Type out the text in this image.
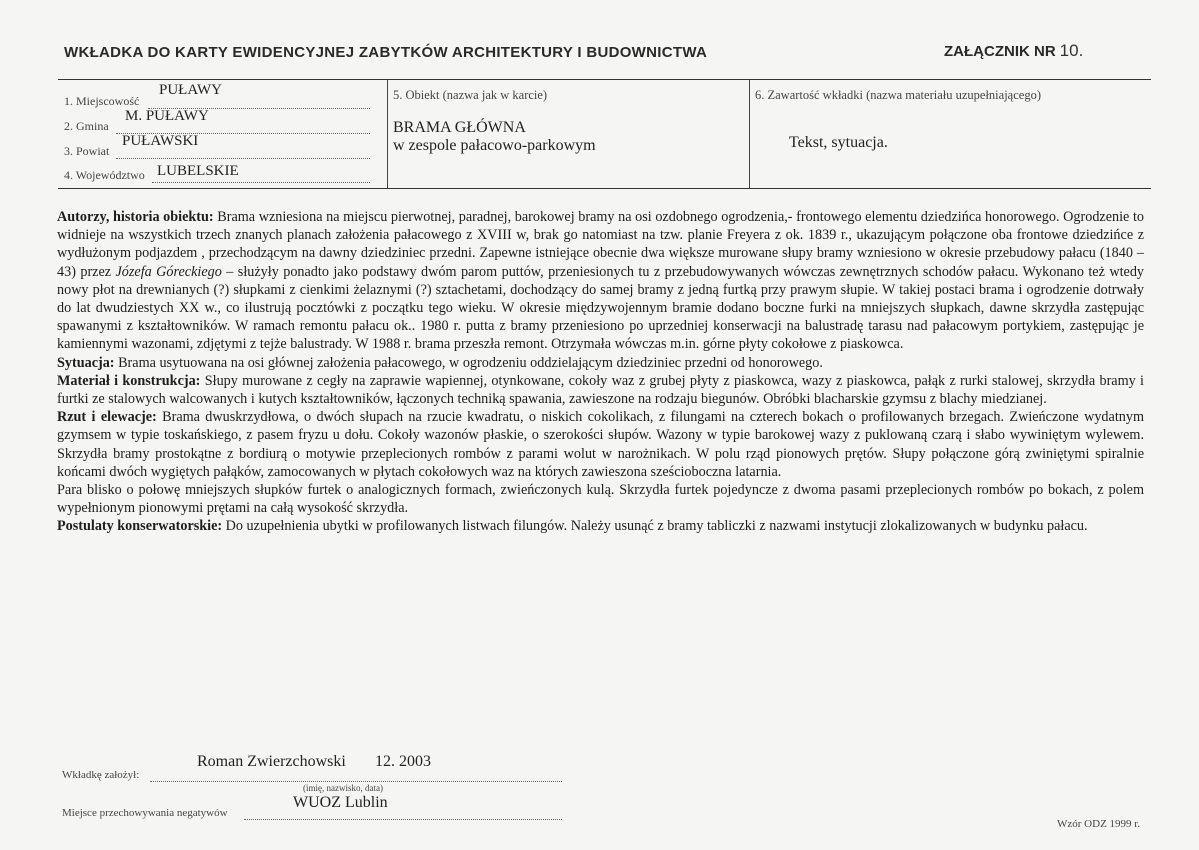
WKŁADKA DO KARTY EWIDENCYJNEJ ZABYTKÓW ARCHITEKTURY I BUDOWNICTWA	ZAŁĄCZNIK NR 10.
1. Miejscowość
PUŁAWY
2. Gmina
M. PUŁAWY
3. Powiat
PUŁAWSKI
4. Województwo LUBELSKIE
5. Obiekt (nazwa jak w karcie)
BRAMA GŁÓWNA
w zespole pałacowo-parkowym
6. Zawartość wkładki (nazwa materiału uzupełniającego)
Tekst, sytuacja.

Autorzy, historia obiektu: Brama wzniesiona na miejscu pierwotnej, paradnej, barokowej bramy na osi ozdobnego ogrodzenia,- frontowego elementu dziedzińca honorowego. Ogrodzenie to widnieje na wszystkich trzech znanych planach założenia pałacowego z XVIII w, brak go natomiast na tzw. planie Freyera z ok. 1839 r., ukazującym połączone oba frontowe dziedzińce z wydłużonym podjazdem , przechodzącym na dawny dziedziniec przedni. Zapewne istniejące obecnie dwa większe murowane słupy bramy wzniesiono w okresie przebudowy pałacu (1840 – 43) przez Józefa Góreckiego – służyły ponadto jako podstawy dwóm parom puttów, przeniesionych tu z przebudowywanych wówczas zewnętrznych schodów pałacu. Wykonano też wtedy nowy płot na drewnianych (?) słupkami z cienkimi żelaznymi (?) sztachetami, dochodzący do samej bramy z jedną furtką przy prawym słupie. W takiej postaci brama i ogrodzenie dotrwały do lat dwudziestych XX w., co ilustrują pocztówki z początku tego wieku. W okresie międzywojennym bramie dodano boczne furki na mniejszych słupkach, dawne skrzydła zastępując spawanymi z kształtowników. W ramach remontu pałacu ok.. 1980 r. putta z bramy przeniesiono po uprzedniej konserwacji na balustradę tarasu nad pałacowym portykiem, zastępując je kamiennymi wazonami, zdjętymi z tejże balustrady. W 1988 r. brama przeszła remont. Otrzymała wówczas m.in. górne płyty cokołowe z piaskowca.

Sytuacja: Brama usytuowana na osi głównej założenia pałacowego, w ogrodzeniu oddzielającym dziedziniec przedni od honorowego.

Materiał i konstrukcja: Słupy murowane z cegły na zaprawie wapiennej, otynkowane, cokoły waz z grubej płyty z piaskowca, wazy z piaskowca, pałąk z rurki stalowej, skrzydła bramy i furtki ze stalowych walcowanych i kutych kształtowników, łączonych techniką spawania, zawieszone na rodzaju biegunów. Obróbki blacharskie gzymsu z blachy miedzianej.

Rzut i elewacje: Brama dwuskrzydłowa, o dwóch słupach na rzucie kwadratu, o niskich cokolikach, z filungami na czterech bokach o profilowanych brzegach. Zwieńczone wydatnym gzymsem w typie toskańskiego, z pasem fryzu u dołu. Cokoły wazonów płaskie, o szerokości słupów. Wazony w typie barokowej wazy z puklowaną czarą i słabo wywiniętym wylewem. Skrzydła bramy prostokątne z bordiurą o motywie przeplecionych rombów z parami wolut w narożnikach. W polu rząd pionowych prętów. Słupy połączone górą zwiniętymi spiralnie końcami dwóch wygiętych pałąków, zamocowanych w płytach cokołowych waz na których zawieszona sześcioboczna latarnia.

Para blisko o połowę mniejszych słupków furtek o analogicznych formach, zwieńczonych kulą. Skrzydła furtek pojedyncze z dwoma pasami przeplecionych rombów po bokach, z polem wypełnionym pionowymi prętami na całą wysokość skrzydła.

Postulaty konserwatorskie: Do uzupełnienia ubytki w profilowanych listwach filungów. Należy usunąć z bramy tabliczki z nazwami instytucji zlokalizowanych w budynku pałacu.

Roman Zwierzchowski 12. 2003
Wkładkę założył:
(imię, nazwisko, data)
WUOZ Lublin
Miejsce przechowywania negatywów
Wzór ODZ 1999 r.
